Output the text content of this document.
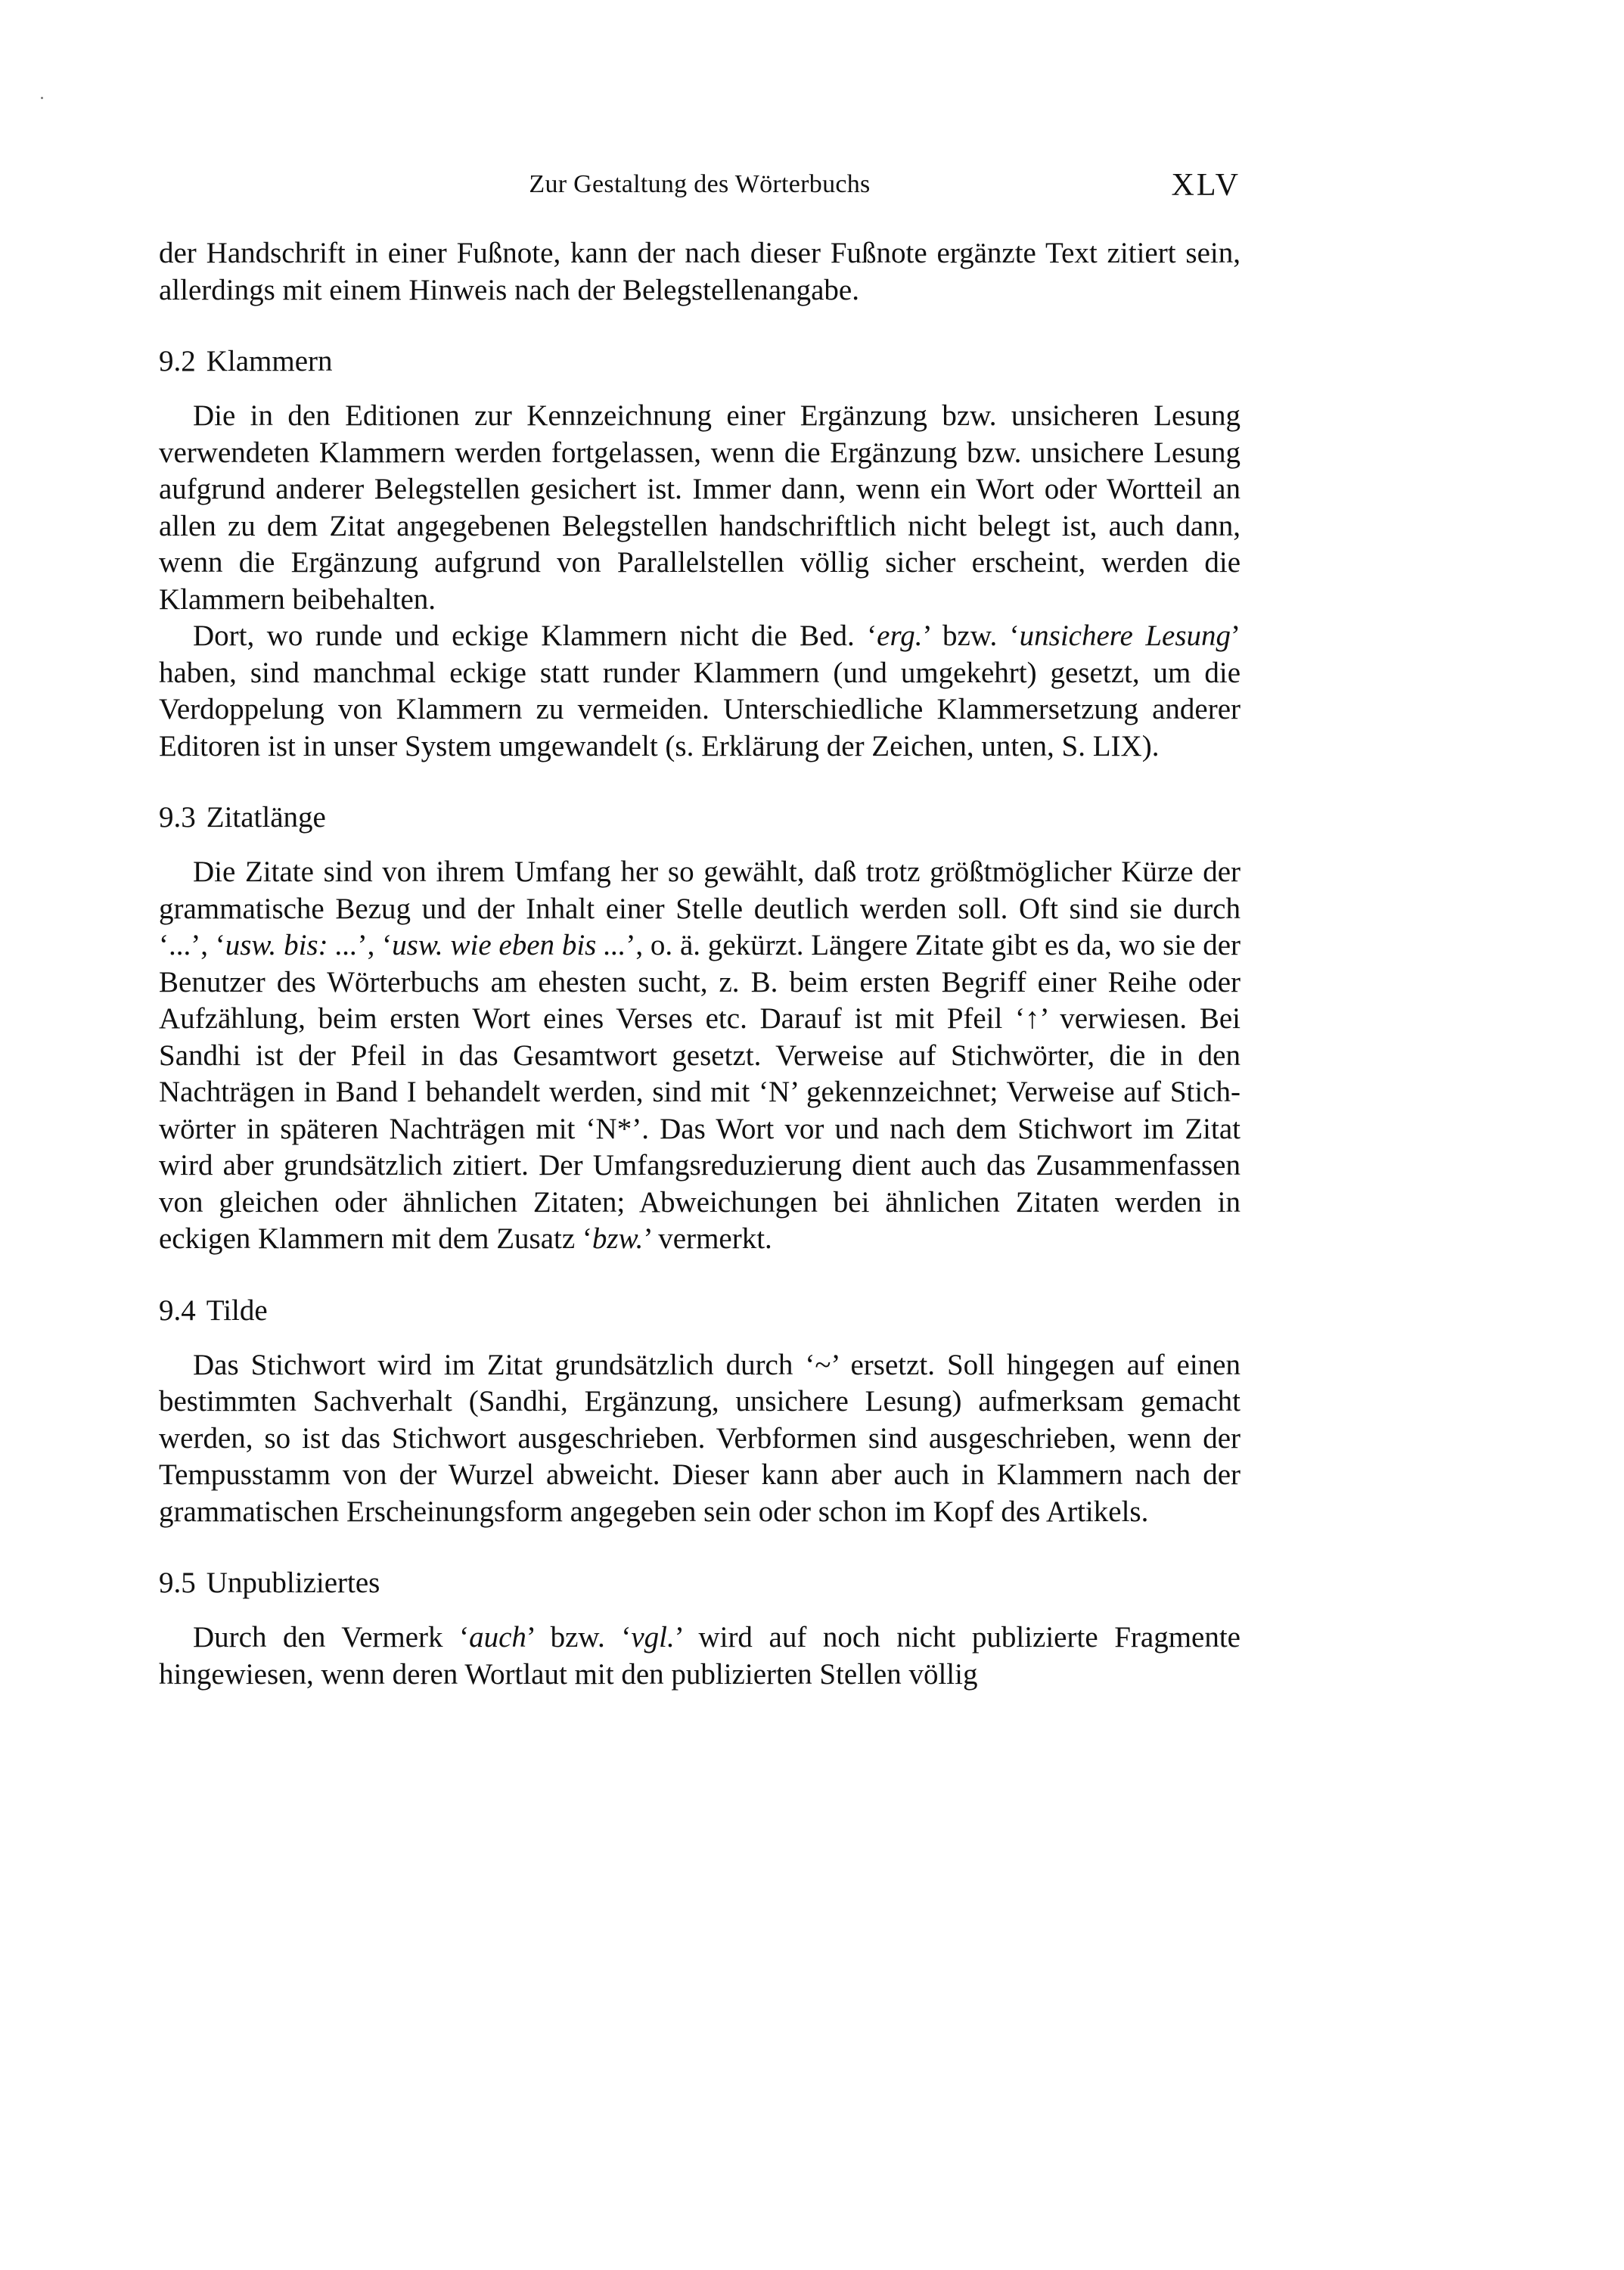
Zur Gestaltung des Wörterbuchs	XLV

der Handschrift in einer Fußnote, kann der nach dieser Fußnote ergänzte Text zitiert sein, allerdings mit einem Hinweis nach der Belegstellenangabe.

9.2 Klammern

Die in den Editionen zur Kennzeichnung einer Ergänzung bzw. unsicheren Lesung verwendeten Klammern werden fortgelassen, wenn die Ergänzung bzw. unsichere Lesung aufgrund anderer Belegstellen gesichert ist. Immer dann, wenn ein Wort oder Wortteil an allen zu dem Zitat angegebenen Belegstellen handschriftlich nicht belegt ist, auch dann, wenn die Ergänzung aufgrund von Parallelstellen völlig sicher erscheint, werden die Klammern beibehalten.

Dort, wo runde und eckige Klammern nicht die Bed. ‘erg.’ bzw. ‘unsichere Lesung’ haben, sind manchmal eckige statt runder Klammern (und umgekehrt) gesetzt, um die Verdoppelung von Klammern zu vermeiden. Unterschiedliche Klammersetzung anderer Editoren ist in unser System umgewandelt (s. Erklärung der Zeichen, unten, S. LIX).

9.3 Zitatlänge

Die Zitate sind von ihrem Umfang her so gewählt, daß trotz größtmöglicher Kürze der grammatische Bezug und der Inhalt einer Stelle deutlich werden soll. Oft sind sie durch ‘...’, ‘usw. bis: ...’, ‘usw. wie eben bis ...’, o. ä. gekürzt. Längere Zitate gibt es da, wo sie der Benutzer des Wörterbuchs am ehesten sucht, z. B. beim ersten Begriff einer Reihe oder Aufzählung, beim ersten Wort eines Verses etc. Darauf ist mit Pfeil ‘↑’ verwiesen. Bei Sandhi ist der Pfeil in das Gesamtwort gesetzt. Verweise auf Stichwörter, die in den Nachträgen in Band I behandelt werden, sind mit ‘N’ gekennzeichnet; Verweise auf Stichwörter in späteren Nachträgen mit ‘N*’. Das Wort vor und nach dem Stichwort im Zitat wird aber grundsätzlich zitiert. Der Umfangsreduzierung dient auch das Zusammenfassen von gleichen oder ähnlichen Zitaten; Abweichungen bei ähnlichen Zitaten werden in eckigen Klammern mit dem Zusatz ‘bzw.’ vermerkt.

9.4 Tilde

Das Stichwort wird im Zitat grundsätzlich durch ‘~’ ersetzt. Soll hingegen auf einen bestimmten Sachverhalt (Sandhi, Ergänzung, unsichere Lesung) aufmerksam gemacht werden, so ist das Stichwort ausgeschrieben. Verbformen sind ausgeschrieben, wenn der Tempusstamm von der Wurzel abweicht. Dieser kann aber auch in Klammern nach der grammatischen Erscheinungsform angegeben sein oder schon im Kopf des Artikels.

9.5 Unpubliziertes

Durch den Vermerk ‘auch’ bzw. ‘vgl.’ wird auf noch nicht publizierte Fragmente hingewiesen, wenn deren Wortlaut mit den publizierten Stellen völlig
